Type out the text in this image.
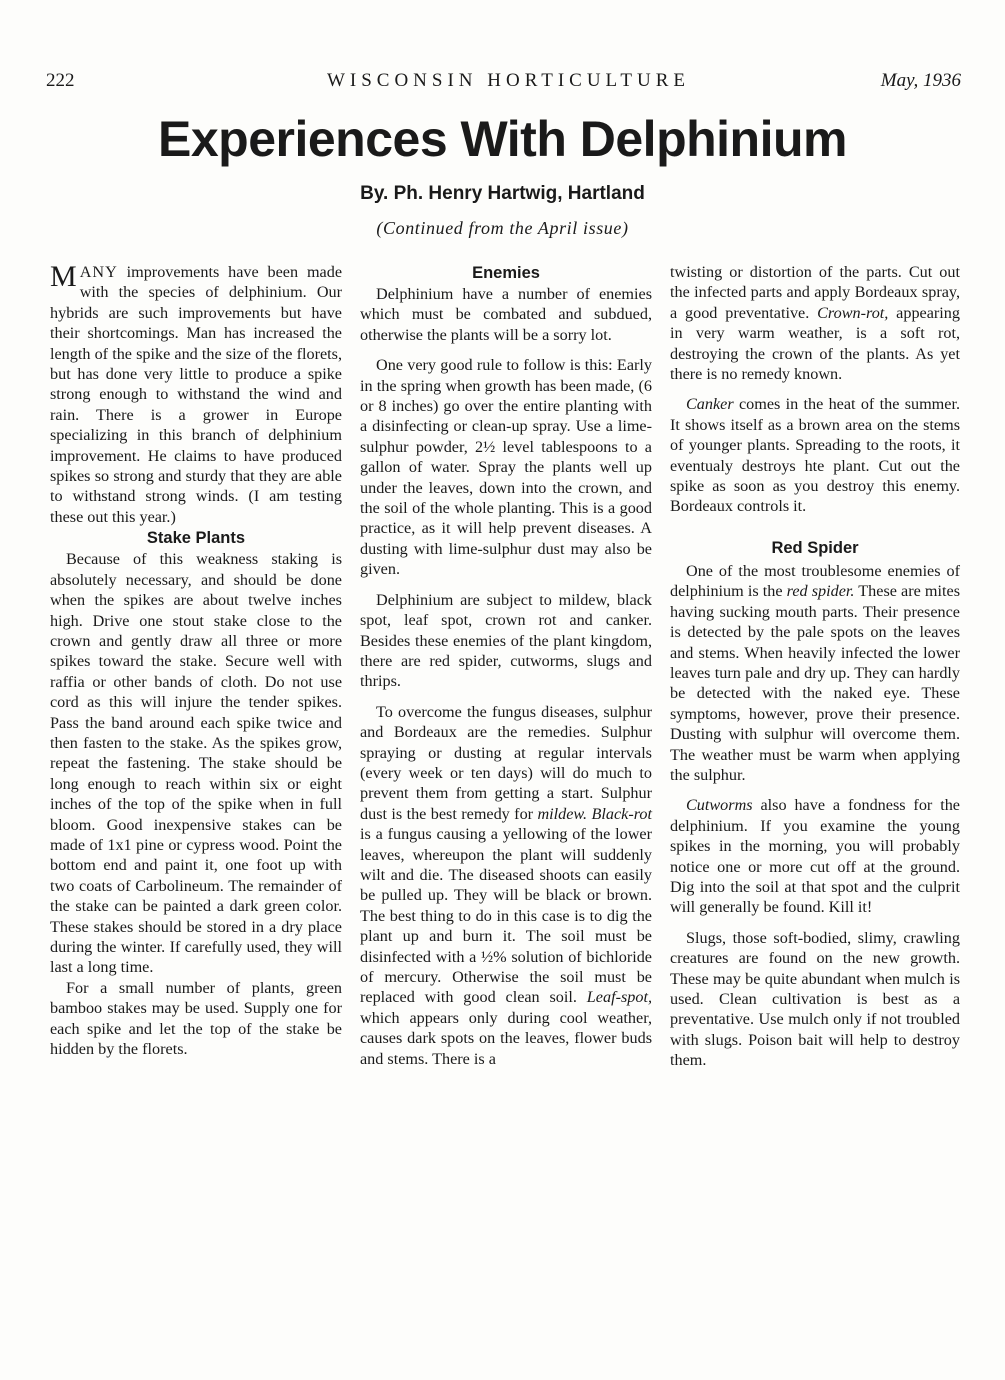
222	WISCONSIN HORTICULTURE	May, 1936
Experiences With Delphinium
By. Ph. Henry Hartwig, Hartland
(Continued from the April issue)

MANY improvements have been made with the species of delphinium. Our hybrids are such improvements but have their shortcomings. Man has increased the length of the spike and the size of the florets, but has done very little to produce a spike strong enough to withstand the wind and rain. There is a grower in Europe specializing in this branch of delphinium improvement. He claims to have produced spikes so strong and sturdy that they are able to withstand strong winds. (I am testing these out this year.)

Stake Plants

Because of this weakness staking is absolutely necessary, and should be done when the spikes are about twelve inches high. Drive one stout stake close to the crown and gently draw all three or more spikes toward the stake. Secure well with raffia or other bands of cloth. Do not use cord as this will injure the tender spikes. Pass the band around each spike twice and then fasten to the stake. As the spikes grow, repeat the fastening. The stake should be long enough to reach within six or eight inches of the top of the spike when in full bloom. Good inexpensive stakes can be made of 1x1 pine or cypress wood. Point the bottom end and paint it, one foot up with two coats of Carbolineum. The remainder of the stake can be painted a dark green color. These stakes should be stored in a dry place during the winter. If carefully used, they will last a long time.

For a small number of plants, green bamboo stakes may be used. Supply one for each spike and let the top of the stake be hidden by the florets.

Enemies

Delphinium have a number of enemies which must be combated and subdued, otherwise the plants will be a sorry lot.

One very good rule to follow is this: Early in the spring when growth has been made, (6 or 8 inches) go over the entire planting with a disinfecting or clean-up spray. Use a lime-sulphur powder, 2½ level tablespoons to a gallon of water. Spray the plants well up under the leaves, down into the crown, and the soil of the whole planting. This is a good practice, as it will help prevent diseases. A dusting with lime-sulphur dust may also be given.

Delphinium are subject to mildew, black spot, leaf spot, crown rot and canker. Besides these enemies of the plant kingdom, there are red spider, cutworms, slugs and thrips.

To overcome the fungus diseases, sulphur and Bordeaux are the remedies. Sulphur spraying or dusting at regular intervals (every week or ten days) will do much to prevent them from getting a start. Sulphur dust is the best remedy for mildew. Black-rot is a fungus causing a yellowing of the lower leaves, whereupon the plant will suddenly wilt and die. The diseased shoots can easily be pulled up. They will be black or brown. The best thing to do in this case is to dig the plant up and burn it. The soil must be disinfected with a ½% solution of bichloride of mercury. Otherwise the soil must be replaced with good clean soil. Leaf-spot, which appears only during cool weather, causes dark spots on the leaves, flower buds and stems. There is a

twisting or distortion of the parts. Cut out the infected parts and apply Bordeaux spray, a good preventative. Crown-rot, appearing in very warm weather, is a soft rot, destroying the crown of the plants. As yet there is no remedy known.

Canker comes in the heat of the summer. It shows itself as a brown area on the stems of younger plants. Spreading to the roots, it eventualy destroys hte plant. Cut out the spike as soon as you destroy this enemy. Bordeaux controls it.

Red Spider

One of the most troublesome enemies of delphinium is the red spider. These are mites having sucking mouth parts. Their presence is detected by the pale spots on the leaves and stems. When heavily infected the lower leaves turn pale and dry up. They can hardly be detected with the naked eye. These symptoms, however, prove their presence. Dusting with sulphur will overcome them. The weather must be warm when applying the sulphur.

Cutworms also have a fondness for the delphinium. If you examine the young spikes in the morning, you will probably notice one or more cut off at the ground. Dig into the soil at that spot and the culprit will generally be found. Kill it!

Slugs, those soft-bodied, slimy, crawling creatures are found on the new growth. These may be quite abundant when mulch is used. Clean cultivation is best as a preventative. Use mulch only if not troubled with slugs. Poison bait will help to destroy them.
